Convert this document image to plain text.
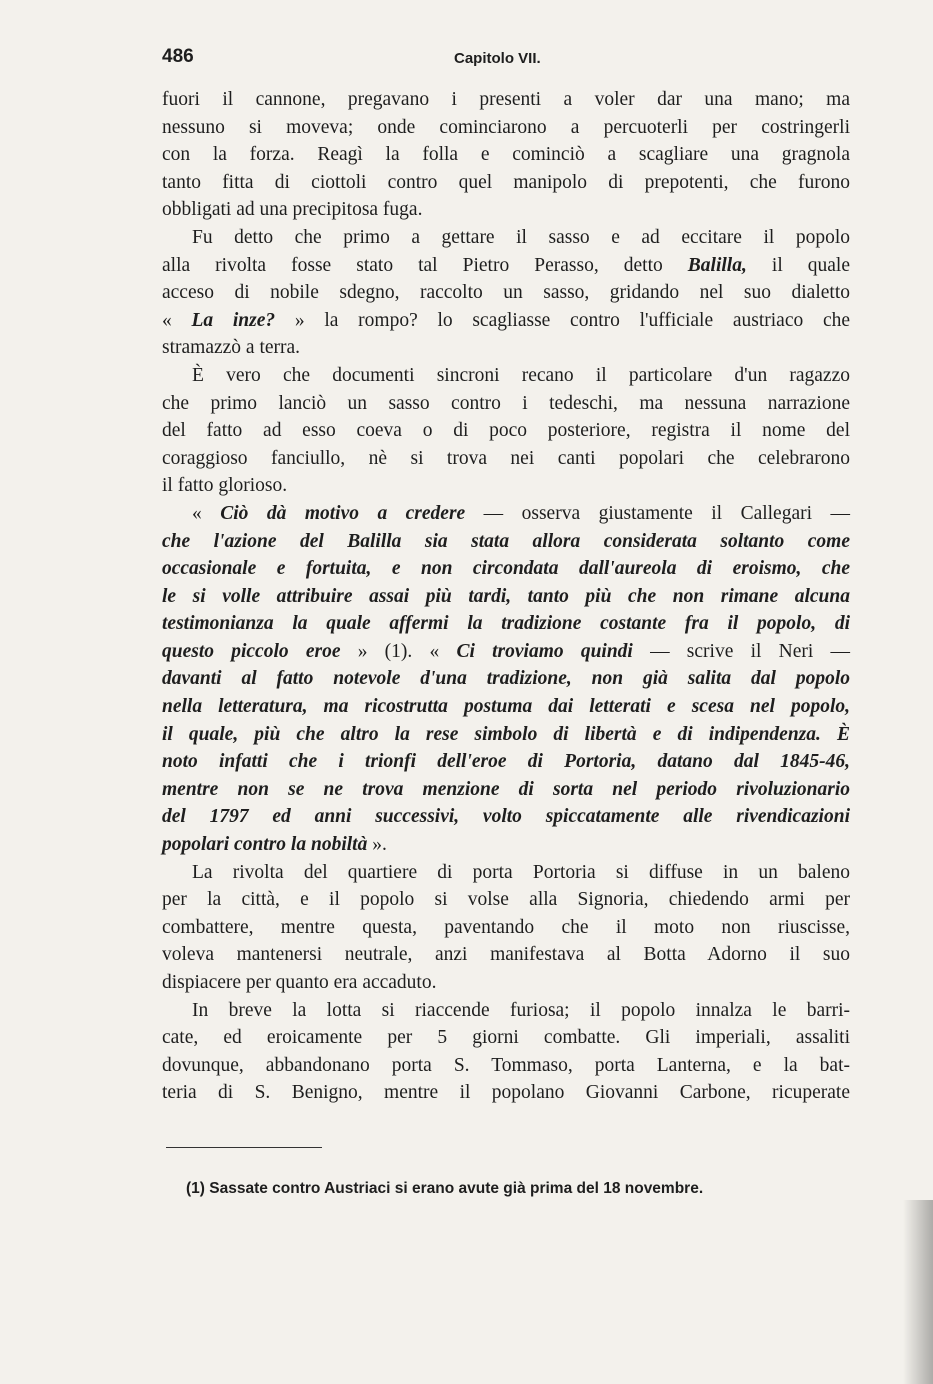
486	Capitolo VII.
fuori il cannone, pregavano i presenti a voler dar una mano; ma
nessuno si moveva; onde cominciarono a percuoterli per costringerli
con la forza. Reagì la folla e cominciò a scagliare una gragnola
tanto fitta di ciottoli contro quel manipolo di prepotenti, che furono
obbligati ad una precipitosa fuga.
Fu detto che primo a gettare il sasso e ad eccitare il popolo
alla rivolta fosse stato tal Pietro Perasso, detto Balilla, il quale
acceso di nobile sdegno, raccolto un sasso, gridando nel suo dialetto
« La inze? » la rompo? lo scagliasse contro l'ufficiale austriaco che
stramazzò a terra.
È vero che documenti sincroni recano il particolare d'un ragazzo
che primo lanciò un sasso contro i tedeschi, ma nessuna narrazione
del fatto ad esso coeva o di poco posteriore, registra il nome del
coraggioso fanciullo, nè si trova nei canti popolari che celebrarono
il fatto glorioso.
« Ciò dà motivo a credere — osserva giustamente il Callegari —
che l'azione del Balilla sia stata allora considerata soltanto come
occasionale e fortuita, e non circondata dall'aureola di eroismo, che
le si volle attribuire assai più tardi, tanto più che non rimane alcuna
testimonianza la quale affermi la tradizione costante fra il popolo, di
questo piccolo eroe » (1). « Ci troviamo quindi — scrive il Neri —
davanti al fatto notevole d'una tradizione, non già salita dal popolo
nella letteratura, ma ricostrutta postuma dai letterati e scesa nel popolo,
il quale, più che altro la rese simbolo di libertà e di indipendenza. È
noto infatti che i trionfi dell'eroe di Portoria, datano dal 1845-46,
mentre non se ne trova menzione di sorta nel periodo rivoluzionario
del 1797 ed anni successivi, volto spiccatamente alle rivendicazioni
popolari contro la nobiltà ».
La rivolta del quartiere di porta Portoria si diffuse in un baleno
per la città, e il popolo si volse alla Signoria, chiedendo armi per
combattere, mentre questa, paventando che il moto non riuscisse,
voleva mantenersi neutrale, anzi manifestava al Botta Adorno il suo
dispiacere per quanto era accaduto.
In breve la lotta si riaccende furiosa; il popolo innalza le barri-
cate, ed eroicamente per 5 giorni combatte. Gli imperiali, assaliti
dovunque, abbandonano porta S. Tommaso, porta Lanterna, e la bat-
teria di S. Benigno, mentre il popolano Giovanni Carbone, ricuperate
(1) Sassate contro Austriaci si erano avute già prima del 18 novembre.
